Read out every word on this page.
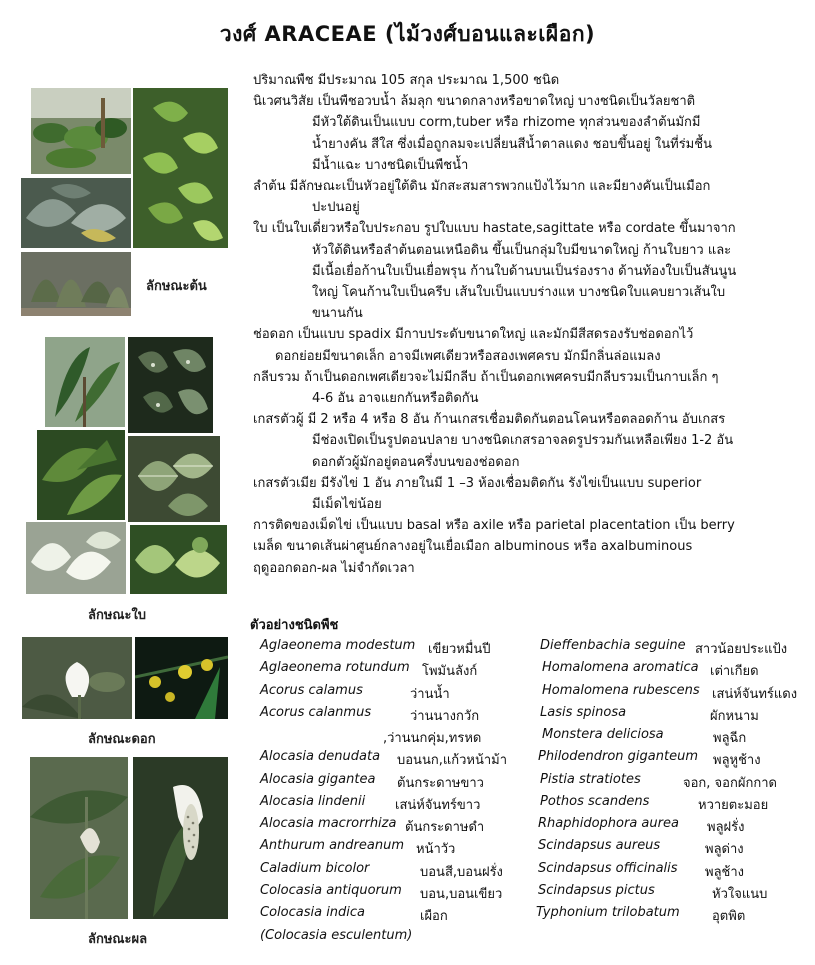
วงศ์ ARACEAE (ไม้วงศ์บอนและเผือก)
ลักษณะต้น
ลักษณะใบ
ลักษณะดอก
ลักษณะผล

ปริมาณพืช มีประมาณ 105 สกุล ประมาณ 1,500 ชนิด

นิเวศนวิสัย เป็นพืชอวบน้ำ ล้มลุก ขนาดกลางหรือขาดใหญ่ บางชนิดเป็นวัลยชาติ

มีหัวใต้ดินเป็นแบบ corm,tuber หรือ rhizome ทุกส่วนของลำต้นมักมี

น้ำยางคัน สีใส ซึ่งเมื่อถูกลมจะเปลี่ยนสีน้ำตาลแดง ชอบขึ้นอยู่ ในที่ร่มชื้น

มีน้ำแฉะ บางชนิดเป็นพืชน้ำ

ลำต้น มีลักษณะเป็นหัวอยู่ใต้ดิน มักสะสมสารพวกแป้งไว้มาก และมียางคันเป็นเมือก

ปะปนอยู่

ใบ เป็นใบเดี่ยวหรือใบประกอบ รูปใบแบบ hastate,sagittate หรือ cordate ขึ้นมาจาก

หัวใต้ดินหรือลำต้นตอนเหนือดิน ขึ้นเป็นกลุ่มใบมีขนาดใหญ่ ก้านใบยาว และ

มีเนื้อเยื่อก้านใบเป็นเยื่อพรุน ก้านใบด้านบนเป็นร่องราง ด้านท้องใบเป็นสันนูน

ใหญ่ โคนก้านใบเป็นครีบ เส้นใบเป็นแบบร่างแห บางชนิดใบแคบยาวเส้นใบ

ขนานกัน

ช่อดอก เป็นแบบ spadix มีกาบประดับขนาดใหญ่ และมักมีสีสดรองรับช่อดอกไว้

ดอกย่อยมีขนาดเล็ก อาจมีเพศเดียวหรือสองเพศครบ มักมีกลิ่นล่อแมลง

กลีบรวม ถ้าเป็นดอกเพศเดียวจะไม่มีกลีบ ถ้าเป็นดอกเพศครบมีกลีบรวมเป็นกาบเล็ก ๆ

4-6 อัน อาจแยกกันหรือติดกัน

เกสรตัวผู้ มี 2 หรือ 4 หรือ 8 อัน ก้านเกสรเชื่อมติดกันตอนโคนหรือตลอดก้าน อับเกสร

มีช่องเปิดเป็นรูปตอนปลาย บางชนิดเกสรอาจลดรูปรวมกันเหลือเพียง 1-2 อัน

ดอกตัวผู้มักอยู่ตอนครึ่งบนของช่อดอก

เกสรตัวเมีย มีรังไข่ 1 อัน ภายในมี 1 –3 ห้องเชื่อมติดกัน รังไข่เป็นแบบ superior

มีเม็ดไข่น้อย

การติดของเม็ดไข่ เป็นแบบ basal หรือ axile หรือ parietal placentation เป็น berry

เมล็ด ขนาดเส้นผ่าศูนย์กลางอยู่ในเยื่อเมือก albuminous หรือ axalbuminous

ฤดูออกดอก-ผล ไม่จำกัดเวลา

ตัวอย่างชนิดพืช
Aglaeonema modestum เขียวหมื่นปี
Aglaeonema rotundum โพมันลังก์
Acorus calamus	ว่านน้ำ
Acorus calanmus	ว่านนางกวัก
,ว่านนกคุ่ม,ทรหด
Alocasia denudata บอนนก,แก้วหน้าม้า
Alocasia gigantea ต้นกระดาษขาว
Alocasia lindenii เสน่ห์จันทร์ขาว
Alocasia macrorrhiza ต้นกระดาษดำ
Anthurum andreanum หน้าวัว
Caladium bicolor	บอนสี,บอนฝรั่ง
Colocasia antiquorum บอน,บอนเขียว
Colocasia indica	เผือก
(Colocasia esculentum)
Dieffenbachia seguine สาวน้อยประแป้ง
Homalomena aromatica เต่าเกียด
Homalomena rubescens เสน่ห์จันทร์แดง
Lasis spinosa	ผักหนาม
Monstera deliciosa	พลูฉีก
Philodendron giganteum พลูหูช้าง
Pistia stratiotes	จอก, จอกผักกาด
Pothos scandens	หวายตะมอย
Rhaphidophora aurea พลูฝรั่ง
Scindapsus aureus	พลูด่าง
Scindapsus officinalis พลูช้าง
Scindapsus pictus	หัวใจแนบ
Typhonium trilobatum อุตพิต
